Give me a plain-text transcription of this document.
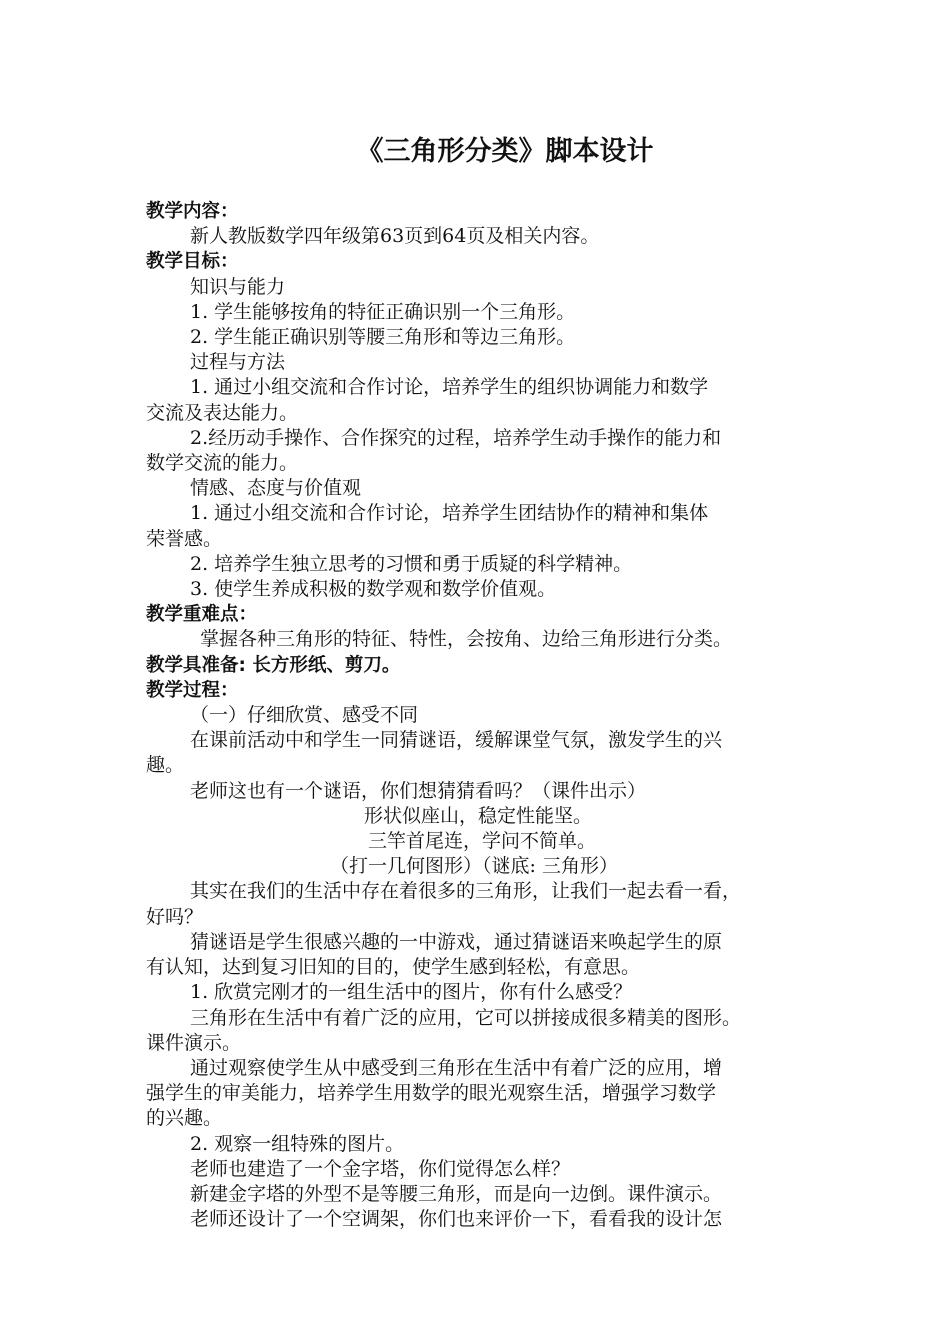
《三角形分类》脚本设计

教学内容：

新人教版数学四年级第63页到64页及相关内容。

教学目标：

知识与能力

1. 学生能够按角的特征正确识别一个三角形。

2. 学生能正确识别等腰三角形和等边三角形。

过程与方法

1. 通过小组交流和合作讨论，培养学生的组织协调能力和数学

交流及表达能力。

2.经历动手操作、合作探究的过程，培养学生动手操作的能力和

数学交流的能力。

情感、态度与价值观

1. 通过小组交流和合作讨论，培养学生团结协作的精神和集体

荣誉感。

2. 培养学生独立思考的习惯和勇于质疑的科学精神。

3. 使学生养成积极的数学观和数学价值观。

教学重难点：

掌握各种三角形的特征、特性，会按角、边给三角形进行分类。

教学具准备: 长方形纸、剪刀。

教学过程：

（一）仔细欣赏、感受不同

在课前活动中和学生一同猜谜语，缓解课堂气氛，激发学生的兴

趣。

老师这也有一个谜语，你们想猜猜看吗？（课件出示）

形状似座山，稳定性能坚。

三竿首尾连，学问不简单。

（打一几何图形）（谜底: 三角形）

其实在我们的生活中存在着很多的三角形，让我们一起去看一看，

好吗？

猜谜语是学生很感兴趣的一中游戏，通过猜谜语来唤起学生的原

有认知，达到复习旧知的目的，使学生感到轻松，有意思。

1. 欣赏完刚才的一组生活中的图片，你有什么感受？

三角形在生活中有着广泛的应用，它可以拼接成很多精美的图形。

课件演示。

通过观察使学生从中感受到三角形在生活中有着广泛的应用，增

强学生的审美能力，培养学生用数学的眼光观察生活，增强学习数学

的兴趣。

2. 观察一组特殊的图片。

老师也建造了一个金字塔，你们觉得怎么样？

新建金字塔的外型不是等腰三角形，而是向一边倒。课件演示。

老师还设计了一个空调架，你们也来评价一下，看看我的设计怎
